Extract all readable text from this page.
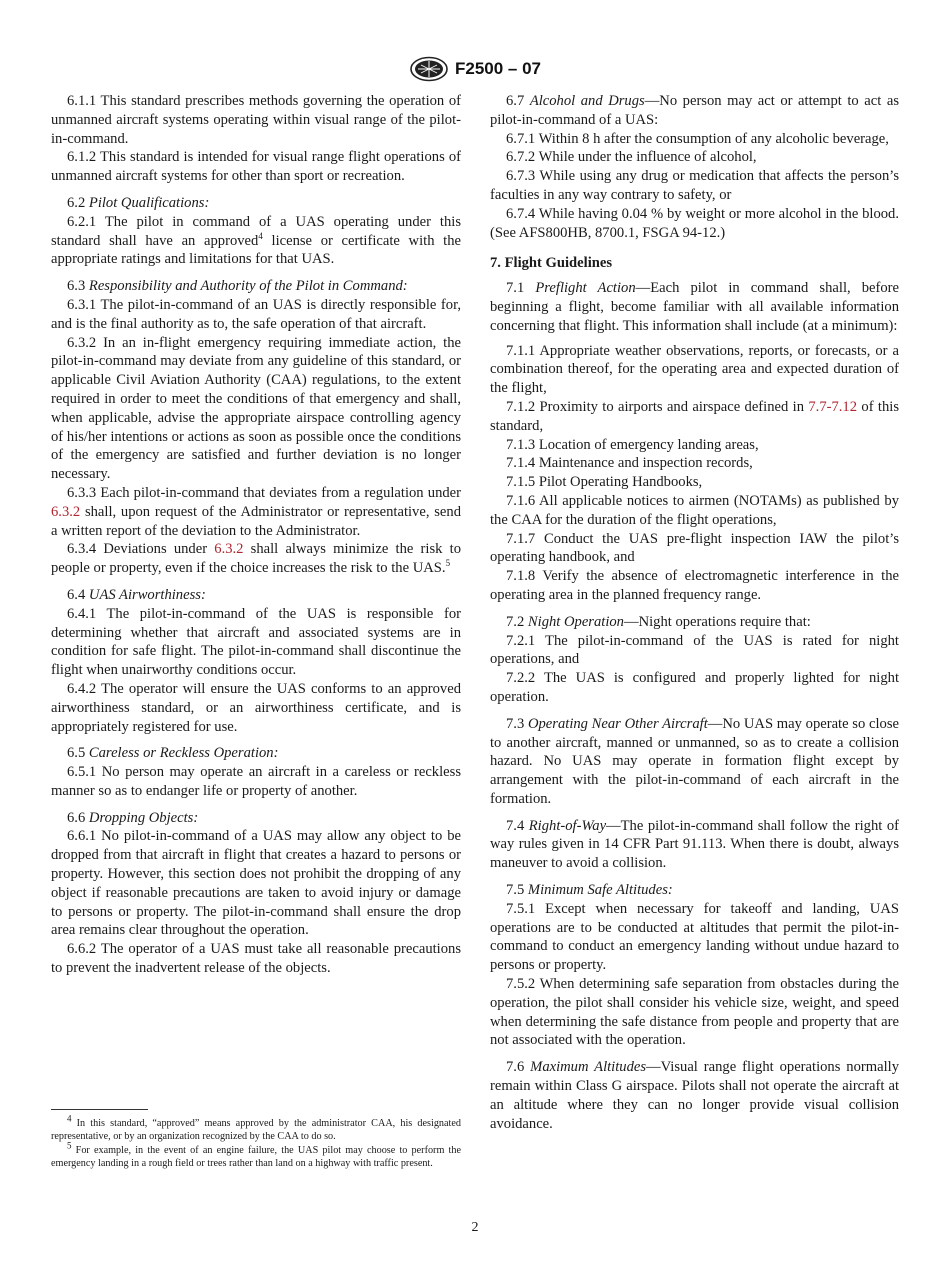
F2500 – 07

6.1.1 This standard prescribes methods governing the operation of unmanned aircraft systems operating within visual range of the pilot-in-command.

6.1.2 This standard is intended for visual range flight operations of unmanned aircraft systems for other than sport or recreation.

6.2 Pilot Qualifications:

6.2.1 The pilot in command of a UAS operating under this standard shall have an approved$^4$ license or certificate with the appropriate ratings and limitations for that UAS.

6.3 Responsibility and Authority of the Pilot in Command:

6.3.1 The pilot-in-command of an UAS is directly responsible for, and is the final authority as to, the safe operation of that aircraft.

6.3.2 In an in-flight emergency requiring immediate action, the pilot-in-command may deviate from any guideline of this standard, or applicable Civil Aviation Authority (CAA) regulations, to the extent required in order to meet the conditions of that emergency and shall, when applicable, advise the appropriate airspace controlling agency of his/her intentions or actions as soon as possible once the conditions of the emergency are satisfied and further deviation is no longer necessary.

6.3.3 Each pilot-in-command that deviates from a regulation under 6.3.2 shall, upon request of the Administrator or representative, send a written report of the deviation to the Administrator.

6.3.4 Deviations under 6.3.2 shall always minimize the risk to people or property, even if the choice increases the risk to the UAS.$^5$

6.4 UAS Airworthiness:

6.4.1 The pilot-in-command of the UAS is responsible for determining whether that aircraft and associated systems are in condition for safe flight. The pilot-in-command shall discontinue the flight when unairworthy conditions occur.

6.4.2 The operator will ensure the UAS conforms to an approved airworthiness standard, or an airworthiness certificate, and is appropriately registered for use.

6.5 Careless or Reckless Operation:

6.5.1 No person may operate an aircraft in a careless or reckless manner so as to endanger life or property of another.

6.6 Dropping Objects:

6.6.1 No pilot-in-command of a UAS may allow any object to be dropped from that aircraft in flight that creates a hazard to persons or property. However, this section does not prohibit the dropping of any object if reasonable precautions are taken to avoid injury or damage to persons or property. The pilot-in-command shall ensure the drop area remains clear throughout the operation.

6.6.2 The operator of a UAS must take all reasonable precautions to prevent the inadvertent release of the objects.

$^4$ In this standard, “approved” means approved by the administrator CAA, his designated representative, or by an organization recognized by the CAA to do so.

$^5$ For example, in the event of an engine failure, the UAS pilot may choose to perform the emergency landing in a rough field or trees rather than land on a highway with traffic present.

6.7 Alcohol and Drugs—No person may act or attempt to act as pilot-in-command of a UAS:

6.7.1 Within 8 h after the consumption of any alcoholic beverage,

6.7.2 While under the influence of alcohol,

6.7.3 While using any drug or medication that affects the person’s faculties in any way contrary to safety, or

6.7.4 While having 0.04 % by weight or more alcohol in the blood. (See AFS800HB, 8700.1, FSGA 94-12.)

7. Flight Guidelines

7.1 Preflight Action—Each pilot in command shall, before beginning a flight, become familiar with all available information concerning that flight. This information shall include (at a minimum):

7.1.1 Appropriate weather observations, reports, or forecasts, or a combination thereof, for the operating area and expected duration of the flight,

7.1.2 Proximity to airports and airspace defined in 7.7-7.12 of this standard,

7.1.3 Location of emergency landing areas,

7.1.4 Maintenance and inspection records,

7.1.5 Pilot Operating Handbooks,

7.1.6 All applicable notices to airmen (NOTAMs) as published by the CAA for the duration of the flight operations,

7.1.7 Conduct the UAS pre-flight inspection IAW the pilot’s operating handbook, and

7.1.8 Verify the absence of electromagnetic interference in the operating area in the planned frequency range.

7.2 Night Operation—Night operations require that:

7.2.1 The pilot-in-command of the UAS is rated for night operations, and

7.2.2 The UAS is configured and properly lighted for night operation.

7.3 Operating Near Other Aircraft—No UAS may operate so close to another aircraft, manned or unmanned, so as to create a collision hazard. No UAS may operate in formation flight except by arrangement with the pilot-in-command of each aircraft in the formation.

7.4 Right-of-Way—The pilot-in-command shall follow the right of way rules given in 14 CFR Part 91.113. When there is doubt, always maneuver to avoid a collision.

7.5 Minimum Safe Altitudes:

7.5.1 Except when necessary for takeoff and landing, UAS operations are to be conducted at altitudes that permit the pilot-in-command to conduct an emergency landing without undue hazard to persons or property.

7.5.2 When determining safe separation from obstacles during the operation, the pilot shall consider his vehicle size, weight, and speed when determining the safe distance from people and property that are not associated with the operation.

7.6 Maximum Altitudes—Visual range flight operations normally remain within Class G airspace. Pilots shall not operate the aircraft at an altitude where they can no longer provide visual collision avoidance.

2
